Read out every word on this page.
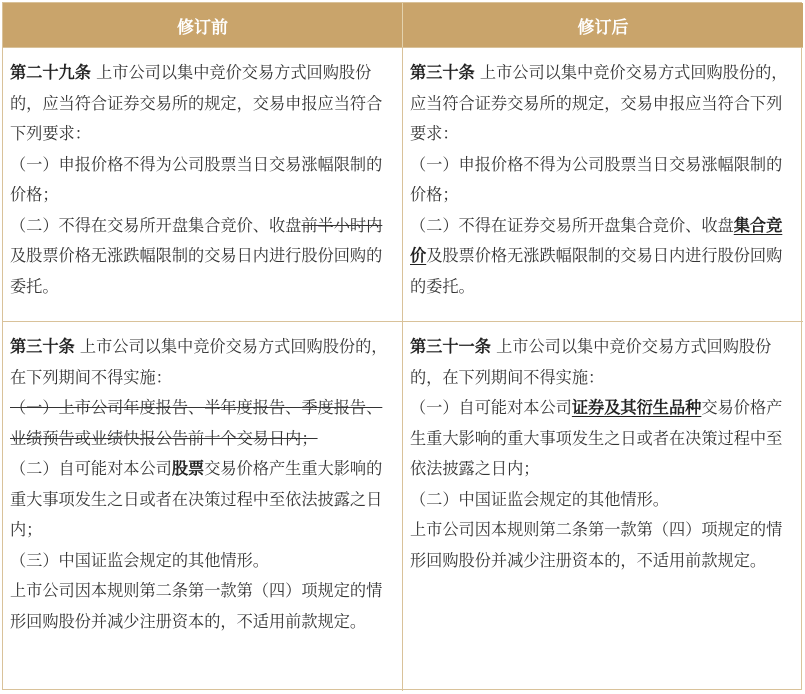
修订前	修订后

第二十九条 上市公司以集中竞价交易方式回购股份的，应当符合证券交易所的规定，交易申报应当符合下列要求：

（一）申报价格不得为公司股票当日交易涨幅限制的价格；

（二）不得在交易所开盘集合竞价、收盘前半小时内及股票价格无涨跌幅限制的交易日内进行股份回购的委托。

第三十条 上市公司以集中竞价交易方式回购股份的，应当符合证券交易所的规定，交易申报应当符合下列要求：

（一）申报价格不得为公司股票当日交易涨幅限制的价格；

（二）不得在证券交易所开盘集合竞价、收盘集合竞价及股票价格无涨跌幅限制的交易日内进行股份回购的委托。

第三十条 上市公司以集中竞价交易方式回购股份的，在下列期间不得实施：

（一）上市公司年度报告、半年度报告、季度报告、业绩预告或业绩快报公告前十个交易日内；

（二）自可能对本公司股票交易价格产生重大影响的重大事项发生之日或者在决策过程中至依法披露之日内；

（三）中国证监会规定的其他情形。

上市公司因本规则第二条第一款第（四）项规定的情形回购股份并减少注册资本的，不适用前款规定。

第三十一条 上市公司以集中竞价交易方式回购股份的，在下列期间不得实施：

（一）自可能对本公司证券及其衍生品种交易价格产生重大影响的重大事项发生之日或者在决策过程中至依法披露之日内；

（二）中国证监会规定的其他情形。

上市公司因本规则第二条第一款第（四）项规定的情形回购股份并减少注册资本的，不适用前款规定。
